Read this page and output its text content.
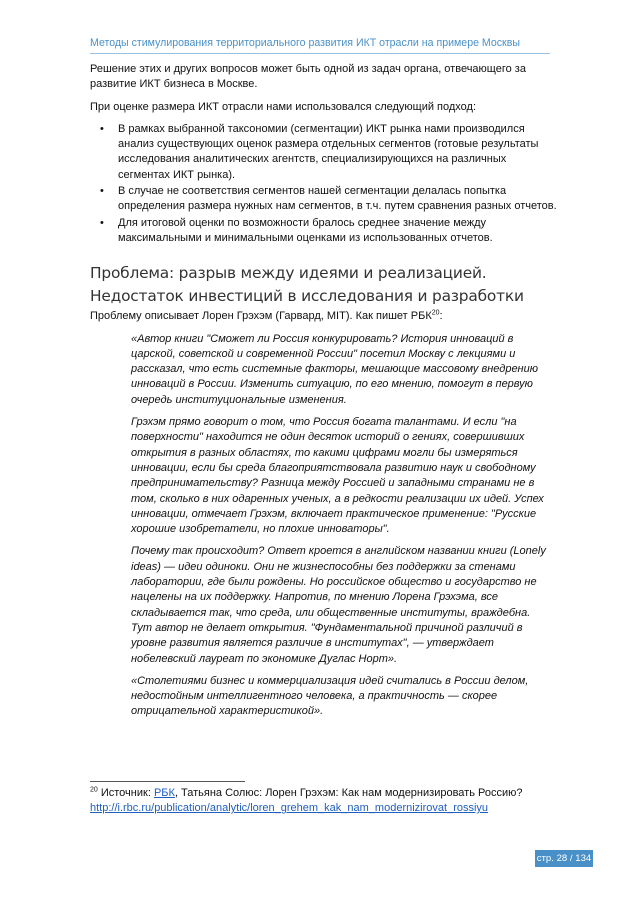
Методы стимулирования территориального развития ИКТ отрасли на примере Москвы

Решение этих и других вопросов может быть одной из задач органа, отвечающего за развитие ИКТ бизнеса в Москве.

При оценке размера ИКТ отрасли нами использовался следующий подход:

• В рамках выбранной таксономии (сегментации) ИКТ рынка нами производился анализ существующих оценок размера отдельных сегментов (готовые результаты исследования аналитических агентств, специализирующихся на различных сегментах ИКТ рынка).
• В случае не соответствия сегментов нашей сегментации делалась попытка определения размера нужных нам сегментов, в т.ч. путем сравнения разных отчетов.
• Для итоговой оценки по возможности бралось среднее значение между максимальными и минимальными оценками из использованных отчетов.
Проблема: разрыв между идеями и реализацией.
Недостаток инвестиций в исследования и разработки

Проблему описывает Лорен Грэхэм (Гарвард, MIT). Как пишет РБК$^{20}$:

«Автор книги "Сможет ли Россия конкурировать? История инноваций в царской, советской и современной России" посетил Москву с лекциями и рассказал, что есть системные факторы, мешающие массовому внедрению инноваций в России. Изменить ситуацию, по его мнению, помогут в первую очередь институциональные изменения.

Грэхэм прямо говорит о том, что Россия богата талантами. И если "на поверхности" находится не один десяток историй о гениях, совершивших открытия в разных областях, то какими цифрами могли бы измеряться инновации, если бы среда благоприятствовала развитию наук и свободному предпринимательству? Разница между Россией и западными странами не в том, сколько в них одаренных ученых, а в редкости реализации их идей. Успех инновации, отмечает Грэхэм, включает практическое применение: "Русские хорошие изобретатели, но плохие инноваторы".

Почему так происходит? Ответ кроется в английском названии книги (Lonely ideas) — идеи одиноки. Они не жизнеспособны без поддержки за стенами лаборатории, где были рождены. Но российское общество и государство не нацелены на их поддержку. Напротив, по мнению Лорена Грэхэма, все складывается так, что среда, или общественные институты, враждебна. Тут автор не делает открытия. "Фундаментальной причиной различий в уровне развития является различие в институтах", — утверждает нобелевский лауреат по экономике Дуглас Норт».

«Столетиями бизнес и коммерциализация идей считались в России делом, недостойным интеллигентного человека, а практичность — скорее отрицательной характеристикой».

$^{20}$ Источник: РБК, Татьяна Солюс: Лорен Грэхэм: Как нам модернизировать Россию?
http://i.rbc.ru/publication/analytic/loren_grehem_kak_nam_modernizirovat_rossiyu
стр. 28 / 134
